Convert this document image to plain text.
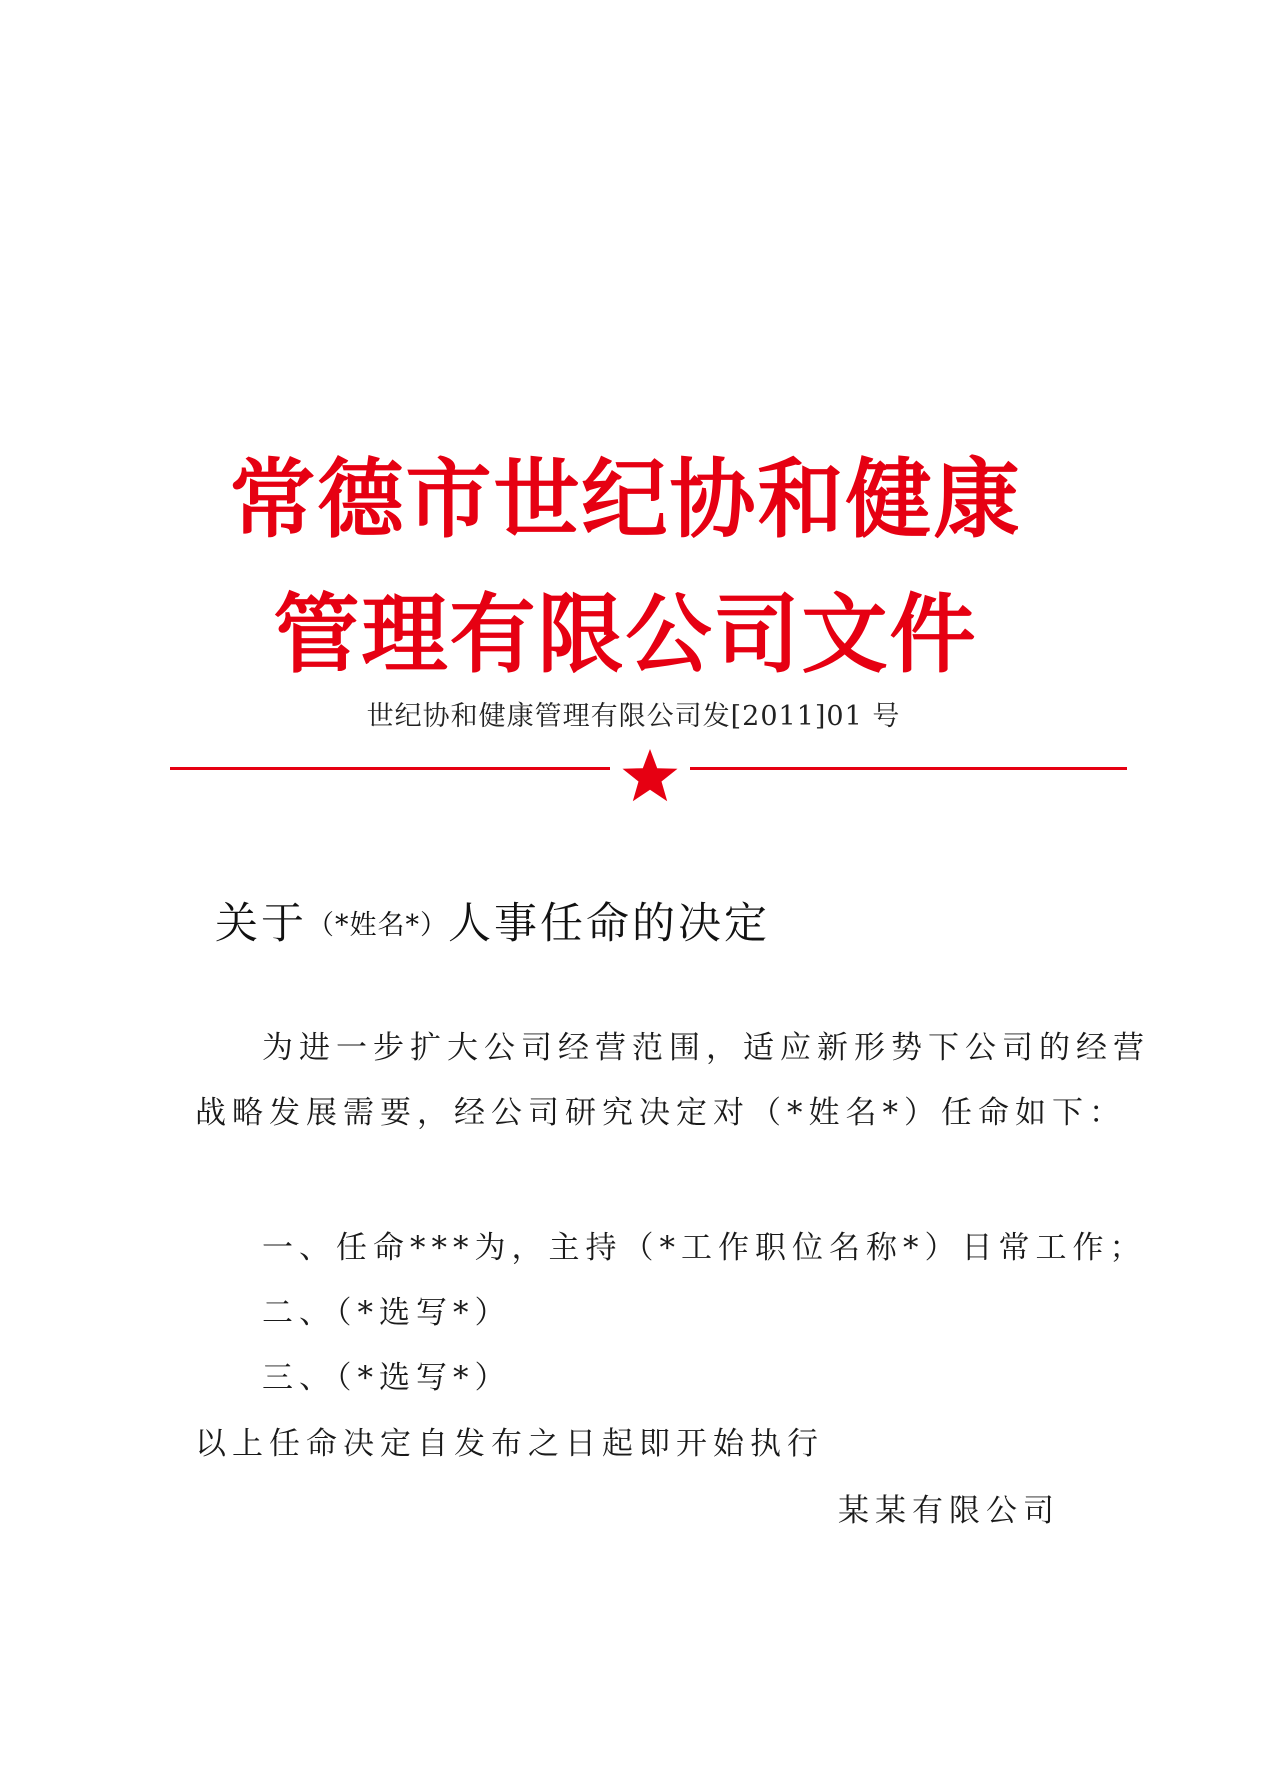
常德市世纪协和健康
管理有限公司文件
世纪协和健康管理有限公司发[2011]01 号
关于（*姓名*）人事任命的决定
为进一步扩大公司经营范围，适应新形势下公司的经营
战略发展需要，经公司研究决定对（*姓名*）任命如下：
一、任命***为，主持（*工作职位名称*）日常工作；
二、（*选写*）
三、（*选写*）
以上任命决定自发布之日起即开始执行
某某有限公司
